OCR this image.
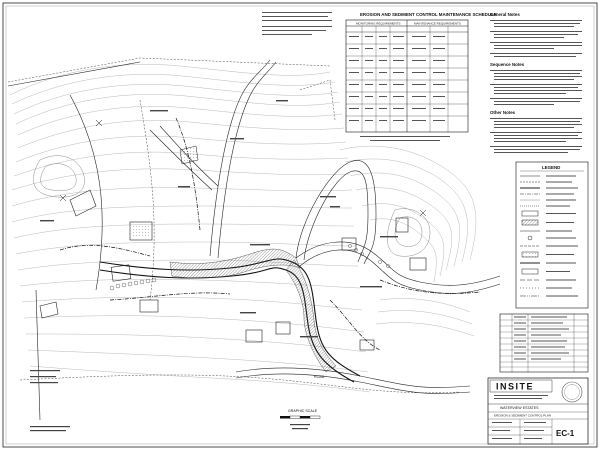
ROAD
GRAPHIC SCALE
EROSION AND SEDIMENT CONTROL MAINTENANCE SCHEDULE
MONITORING REQUIREMENTS	MAINTENANCE REQUIREMENTS
General Notes
Sequence Notes
Other Notes
LEGEND
INSITE
WATERVIEW ESTATES
EROSION & SEDIMENT CONTROL PLAN
EC-1
